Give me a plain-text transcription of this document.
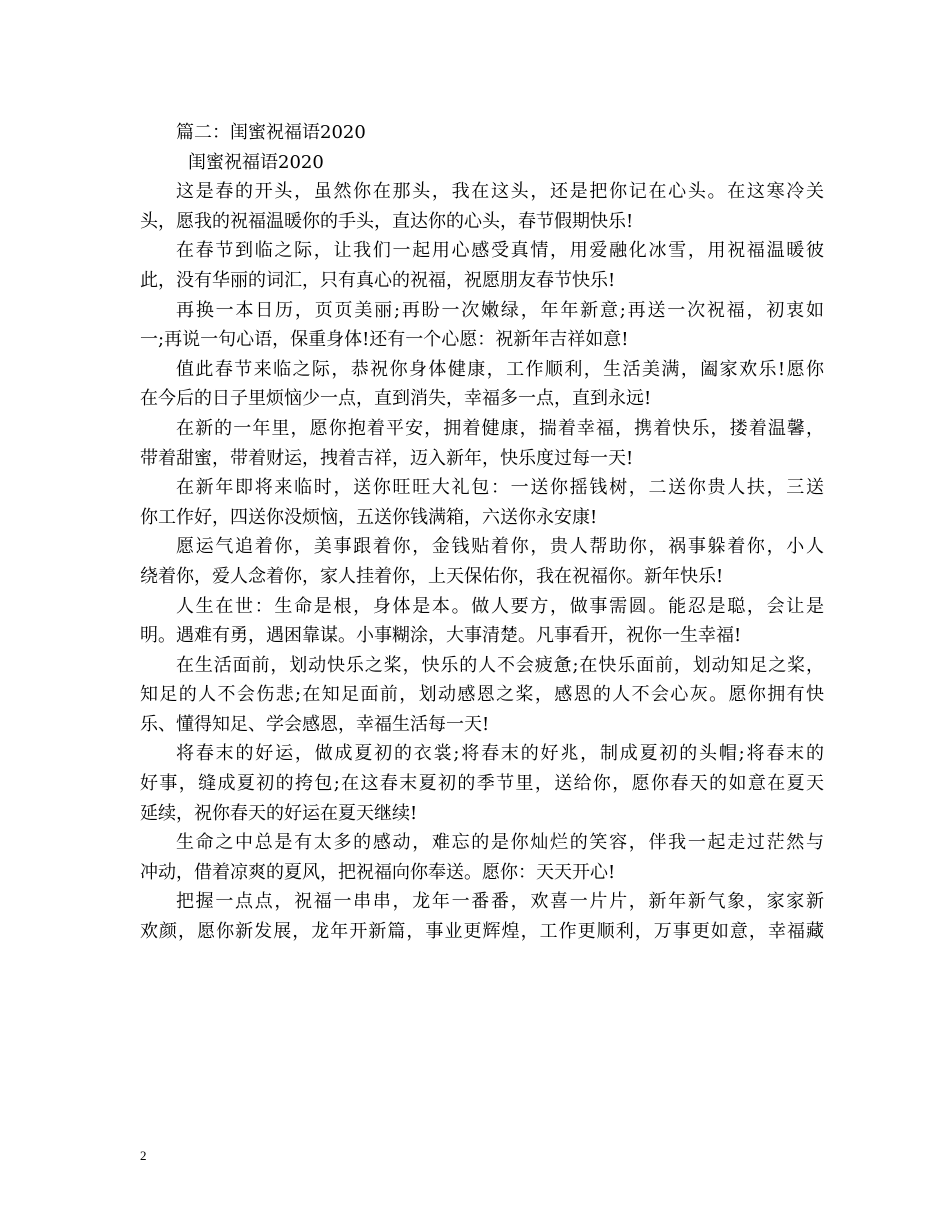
篇二：闺蜜祝福语2020
闺蜜祝福语2020
这是春的开头，虽然你在那头，我在这头，还是把你记在心头。在这寒冷关
头，愿我的祝福温暖你的手头，直达你的心头，春节假期快乐!
在春节到临之际，让我们一起用心感受真情，用爱融化冰雪，用祝福温暖彼
此，没有华丽的词汇，只有真心的祝福，祝愿朋友春节快乐!
再换一本日历，页页美丽;再盼一次嫩绿，年年新意;再送一次祝福，初衷如
一;再说一句心语，保重身体!还有一个心愿：祝新年吉祥如意!
值此春节来临之际，恭祝你身体健康，工作顺利，生活美满，阖家欢乐!愿你
在今后的日子里烦恼少一点，直到消失，幸福多一点，直到永远!
在新的一年里，愿你抱着平安，拥着健康，揣着幸福，携着快乐，搂着温馨，
带着甜蜜，带着财运，拽着吉祥，迈入新年，快乐度过每一天!
在新年即将来临时，送你旺旺大礼包：一送你摇钱树，二送你贵人扶，三送
你工作好，四送你没烦恼，五送你钱满箱，六送你永安康!
愿运气追着你，美事跟着你，金钱贴着你，贵人帮助你，祸事躲着你，小人
绕着你，爱人念着你，家人挂着你，上天保佑你，我在祝福你。新年快乐!
人生在世：生命是根，身体是本。做人要方，做事需圆。能忍是聪，会让是
明。遇难有勇，遇困靠谋。小事糊涂，大事清楚。凡事看开，祝你一生幸福!
在生活面前，划动快乐之桨，快乐的人不会疲惫;在快乐面前，划动知足之桨，
知足的人不会伤悲;在知足面前，划动感恩之桨，感恩的人不会心灰。愿你拥有快
乐、懂得知足、学会感恩，幸福生活每一天!
将春末的好运，做成夏初的衣裳;将春末的好兆，制成夏初的头帽;将春末的
好事，缝成夏初的挎包;在这春末夏初的季节里，送给你，愿你春天的如意在夏天
延续，祝你春天的好运在夏天继续!
生命之中总是有太多的感动，难忘的是你灿烂的笑容，伴我一起走过茫然与
冲动，借着凉爽的夏风，把祝福向你奉送。愿你：天天开心!
把握一点点，祝福一串串，龙年一番番，欢喜一片片，新年新气象，家家新
欢颜，愿你新发展，龙年开新篇，事业更辉煌，工作更顺利，万事更如意，幸福藏
2
